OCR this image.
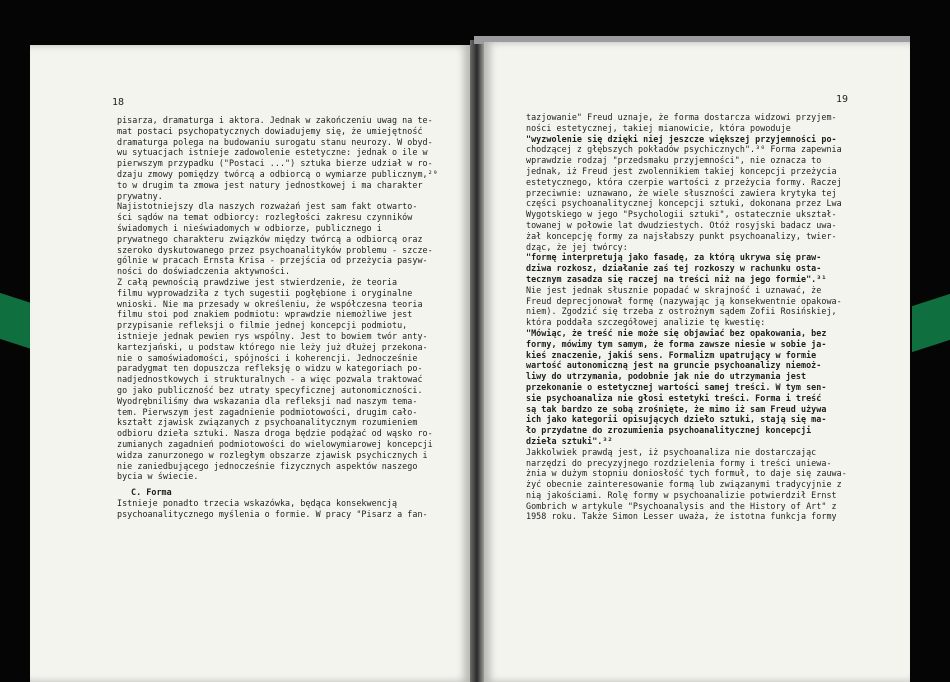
18
pisarza, dramaturga i aktora. Jednak w zakończeniu uwag na te-
mat postaci psychopatycznych dowiadujemy się, że umiejętność
dramaturga polega na budowaniu surogatu stanu neurozy. W obyd-
wu sytuacjach istnieje zadowolenie estetyczne: jednak o ile w
pierwszym przypadku ("Postaci ...") sztuka bierze udział w ro-
dzaju zmowy pomiędzy twórcą a odbiorcą o wymiarze publicznym,²⁹
to w drugim ta zmowa jest natury jednostkowej i ma charakter
prywatny.
Najistotniejszy dla naszych rozważań jest sam fakt otwarto-
ści sądów na temat odbiorcy: rozległości zakresu czynników
świadomych i nieświadomych w odbiorze, publicznego i
prywatnego charakteru związków między twórcą a odbiorcą oraz
szeroko dyskutowanego przez psychoanalityków problemu - szcze-
gólnie w pracach Ernsta Krisa - przejścia od przeżycia pasyw-
ności do doświadczenia aktywności.
Z całą pewnością prawdziwe jest stwierdzenie, że teoria
filmu wyprowadziła z tych sugestii pogłębione i oryginalne
wnioski. Nie ma przesady w określeniu, że współczesna teoria
filmu stoi pod znakiem podmiotu: wprawdzie niemożliwe jest
przypisanie refleksji o filmie jednej koncepcji podmiotu,
istnieje jednak pewien rys wspólny. Jest to bowiem twór anty-
kartezjański, u podstaw którego nie leży już dłużej przekona-
nie o samoświadomości, spójności i koherencji. Jednocześnie
paradygmat ten dopuszcza refleksję o widzu w kategoriach po-
nadjednostkowych i strukturalnych - a więc pozwala traktować
go jako publiczność bez utraty specyficznej autonomiczności.
Wyodrębniliśmy dwa wskazania dla refleksji nad naszym tema-
tem. Pierwszym jest zagadnienie podmiotowości, drugim cało-
kształt zjawisk związanych z psychoanalitycznym rozumieniem
odbioru dzieła sztuki. Nasza droga będzie podążać od wąsko ro-
zumianych zagadnień podmiotowości do wielowymiarowej koncepcji
widza zanurzonego w rozległym obszarze zjawisk psychicznych i
nie zaniedbującego jednocześnie fizycznych aspektów naszego
bycia w świecie.
C. Forma
Istnieje ponadto trzecia wskazówka, będąca konsekwencją
psychoanalitycznego myślenia o formie. W pracy "Pisarz a fan-
19
tazjowanie" Freud uznaje, że forma dostarcza widzowi przyjem-
ności estetycznej, takiej mianowicie, która powoduje
"wyzwolenie się dzięki niej jeszcze większej przyjemności po-
chodzącej z głębszych pokładów psychicznych".³⁰ Forma zapewnia
wprawdzie rodzaj "przedsmaku przyjemności", nie oznacza to
jednak, iż Freud jest zwolennikiem takiej koncepcji przeżycia
estetycznego, która czerpie wartości z przeżycia formy. Raczej
przeciwnie: uznawano, że wiele słuszności zawiera krytyka tej
części psychoanalitycznej koncepcji sztuki, dokonana przez Lwa
Wygotskiego w jego "Psychologii sztuki", ostatecznie ukształ-
towanej w połowie lat dwudziestych. Otóż rosyjski badacz uwa-
żał koncepcję formy za najsłabszy punkt psychoanalizy, twier-
dząc, że jej twórcy:
"formę interpretują jako fasadę, za którą ukrywa się praw-
dziwa rozkosz, działanie zaś tej rozkoszy w rachunku osta-
tecznym zasadza się raczej na treści niż na jego formie".³¹
Nie jest jednak słusznie popadać w skrajność i uznawać, że
Freud deprecjonował formę (nazywając ją konsekwentnie opakowa-
niem). Zgodzić się trzeba z ostrożnym sądem Zofii Rosińskiej,
która poddała szczegółowej analizie tę kwestię:
"Mówiąc, że treść nie może się objawiać bez opakowania, bez
formy, mówimy tym samym, że forma zawsze niesie w sobie ja-
kieś znaczenie, jakiś sens. Formalizm upatrujący w formie
wartość autonomiczną jest na gruncie psychoanalizy niemoż-
liwy do utrzymania, podobnie jak nie do utrzymania jest
przekonanie o estetycznej wartości samej treści. W tym sen-
sie psychoanaliza nie głosi estetyki treści. Forma i treść
są tak bardzo ze sobą zrośnięte, że mimo iż sam Freud używa
ich jako kategorii opisujących dzieło sztuki, stają się ma-
ło przydatne do zrozumienia psychoanalitycznej koncepcji
dzieła sztuki".³²
Jakkolwiek prawdą jest, iż psychoanaliza nie dostarczając
narzędzi do precyzyjnego rozdzielenia formy i treści uniewa-
żnia w dużym stopniu doniosłość tych formuł, to daje się zauwa-
żyć obecnie zainteresowanie formą lub związanymi tradycyjnie z
nią jakościami. Rolę formy w psychoanalizie potwierdził Ernst
Gombrich w artykule "Psychoanalysis and the History of Art" z
1958 roku. Także Simon Lesser uważa, że istotna funkcja formy
